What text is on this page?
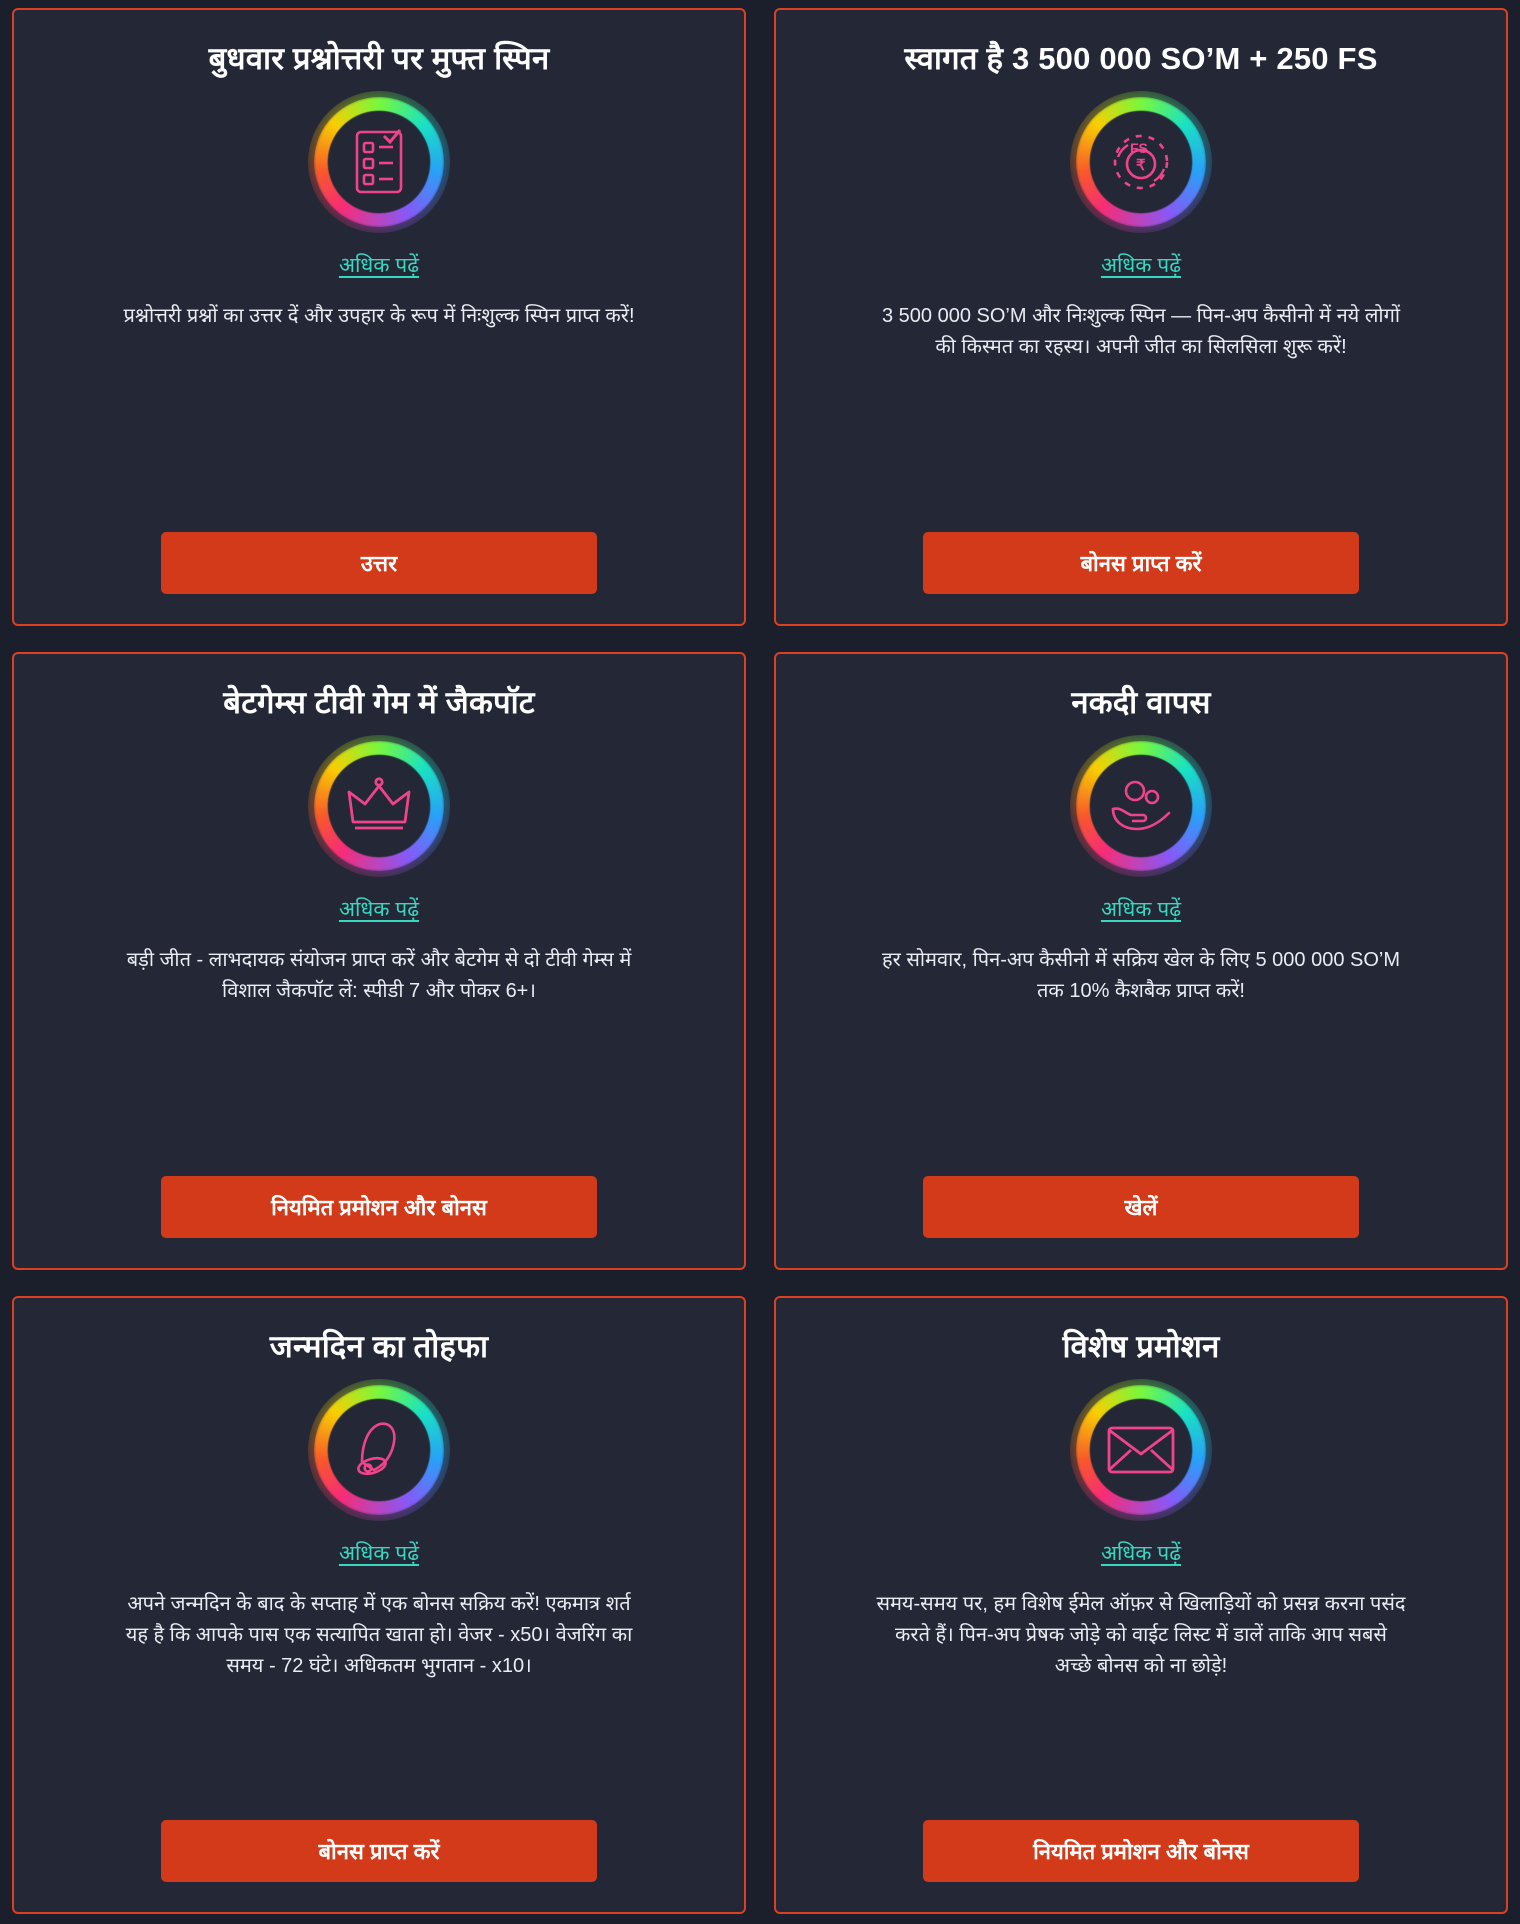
बुधवार प्रश्नोत्तरी पर मुफ्त स्पिन
अधिक पढ़ें
प्रश्नोत्तरी प्रश्नों का उत्तर दें और उपहार के रूप में निःशुल्क स्पिन प्राप्त करें!
उत्तर
स्वागत है 3 500 000 SO’M + 250 FS
FS
₹
अधिक पढ़ें
3 500 000 SO’M और निःशुल्क स्पिन — पिन-अप कैसीनो में नये लोगों की किस्मत का रहस्य। अपनी जीत का सिलसिला शुरू करें!
बोनस प्राप्त करें
बेटगेम्स टीवी गेम में जैकपॉट
अधिक पढ़ें
बड़ी जीत - लाभदायक संयोजन प्राप्त करें और बेटगेम से दो टीवी गेम्स में विशाल जैकपॉट लें: स्पीडी 7 और पोकर 6+।
नियमित प्रमोशन और बोनस
नकदी वापस
अधिक पढ़ें
हर सोमवार, पिन-अप कैसीनो में सक्रिय खेल के लिए 5 000 000 SO’M तक 10% कैशबैक प्राप्त करें!
खेलें
जन्मदिन का तोहफा
अधिक पढ़ें
अपने जन्मदिन के बाद के सप्ताह में एक बोनस सक्रिय करें! एकमात्र शर्त यह है कि आपके पास एक सत्यापित खाता हो। वेजर - x50। वेजरिंग का समय - 72 घंटे। अधिकतम भुगतान - x10।
बोनस प्राप्त करें
विशेष प्रमोशन
अधिक पढ़ें
समय-समय पर, हम विशेष ईमेल ऑफ़र से खिलाड़ियों को प्रसन्न करना पसंद करते हैं। पिन-अप प्रेषक जोड़े को वाईट लिस्ट में डालें ताकि आप सबसे अच्छे बोनस को ना छोड़े!
नियमित प्रमोशन और बोनस
